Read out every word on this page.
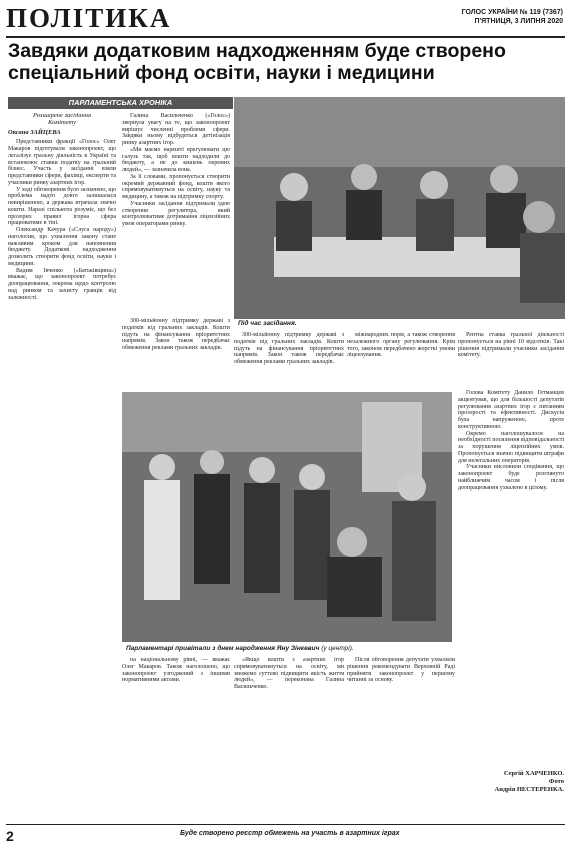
ПОЛІТИКА	ГОЛОС УКРАЇНИ № 119 (7367)
П'ЯТНИЦЯ, 3 ЛИПНЯ 2020
Завдяки додатковим надходженням буде створено спеціальний фонд освіти, науки і медицини
ПАРЛАМЕНТСЬКА ХРОНІКА
Розширене засідання
Комітету
Оксана ЗАЙЦЕВА

Представники фракції «Голос» Олег Макаров підготували законопроект, що легалізує гральну діяльність в Україні та встановлює ставки податку на гральний бізнес. Участь у засіданні взяли представники сфери, фахівці, експерти та учасники ринку азартних ігор.

У ході обговорення було зазначено, що проблема надто довго залишалася невирішеною, а держава втрачала значні кошти. Наразі спільнота розуміє, що без прозорих правил ігорна сфера працюватиме в тіні.

Олександр Качура («Слуга народу») наголосив, що ухвалення закону стане важливим кроком для наповнення бюджету. Додаткові надходження дозволять створити фонд освіти, науки і медицини.

Вадим Івченко («Батьківщина») вважає, що законопроект потребує доопрацювання, зокрема щодо контролю над ринком та захисту гравців від залежності.

Галина Васильченко («Голос») звернула увагу на те, що законопроект вирішує численні проблеми сфери. Завдяки ньому відбудеться детінізація ринку азартних ігор.

«Ми маємо нарешті врегулювати цю галузь так, щоб кошти надходили до бюджету, а не до кишень окремих людей», — зазначила вона.

За її словами, пропонується створити окремий державний фонд, кошти якого спрямовуватимуться на освіту, науку та медицину, а також на підтримку спорту.

Учасники засідання підтримали ідею створення регулятора, який контролюватиме дотримання ліцензійних умов операторами ринку.

Під час засідання.

300-мільйонну підтримку державі з податків від гральних закладів. Кошти підуть на фінансування пріоритетних напрямів. Закон також передбачає обмеження реклами гральних закладів.

300-мільйонну підтримку державі з податків від гральних закладів. Кошти підуть на фінансування пріоритетних напрямів. Закон також передбачає обмеження реклами гральних закладів.

міжнародних норм, а також створення незалежного органу регулювання. Крім того, законом передбачено жорсткі умови ліцензування.

Рентна ставка гральної діяльності пропонується на рівні 10 відсотків. Такі рішення підтримали учасники засідання комітету.

Голова Комітету Данило Гетманцев акцентував, що для більшості депутатів регулювання азартних ігор є питанням прозорості та ефективності. Дискусія була напруженою, проте конструктивною.

Окремо наголошувалося на необхідності посилення відповідальності за порушення ліцензійних умов. Пропонується значно підвищити штрафи для нелегальних операторів.

Учасники висловили сподівання, що законопроект буде розглянуто найближчим часом і після доопрацювання ухвалено в цілому.

Парламентарі привітали з днем народження Яну Зінкевич (у центрі).

на національному рівні, — вважає Олег Макаров. Також наголошено, що законопроект узгоджений з іншими нормативними актами.

«Якщо кошти з азартних ігор спрямовуватимуться на освіту, ми зможемо суттєво підвищити якість життя людей», — переконана Галина Васильченко.

Після обговорення депутати ухвалили рішення рекомендувати Верховній Раді прийняти законопроект у першому читанні за основу.

Сергій ХАРЧЕНКО.
Фото
Андрія НЕСТЕРЕНКА.
2	Буде створено реєстр обмежень на участь в азартних іграх
